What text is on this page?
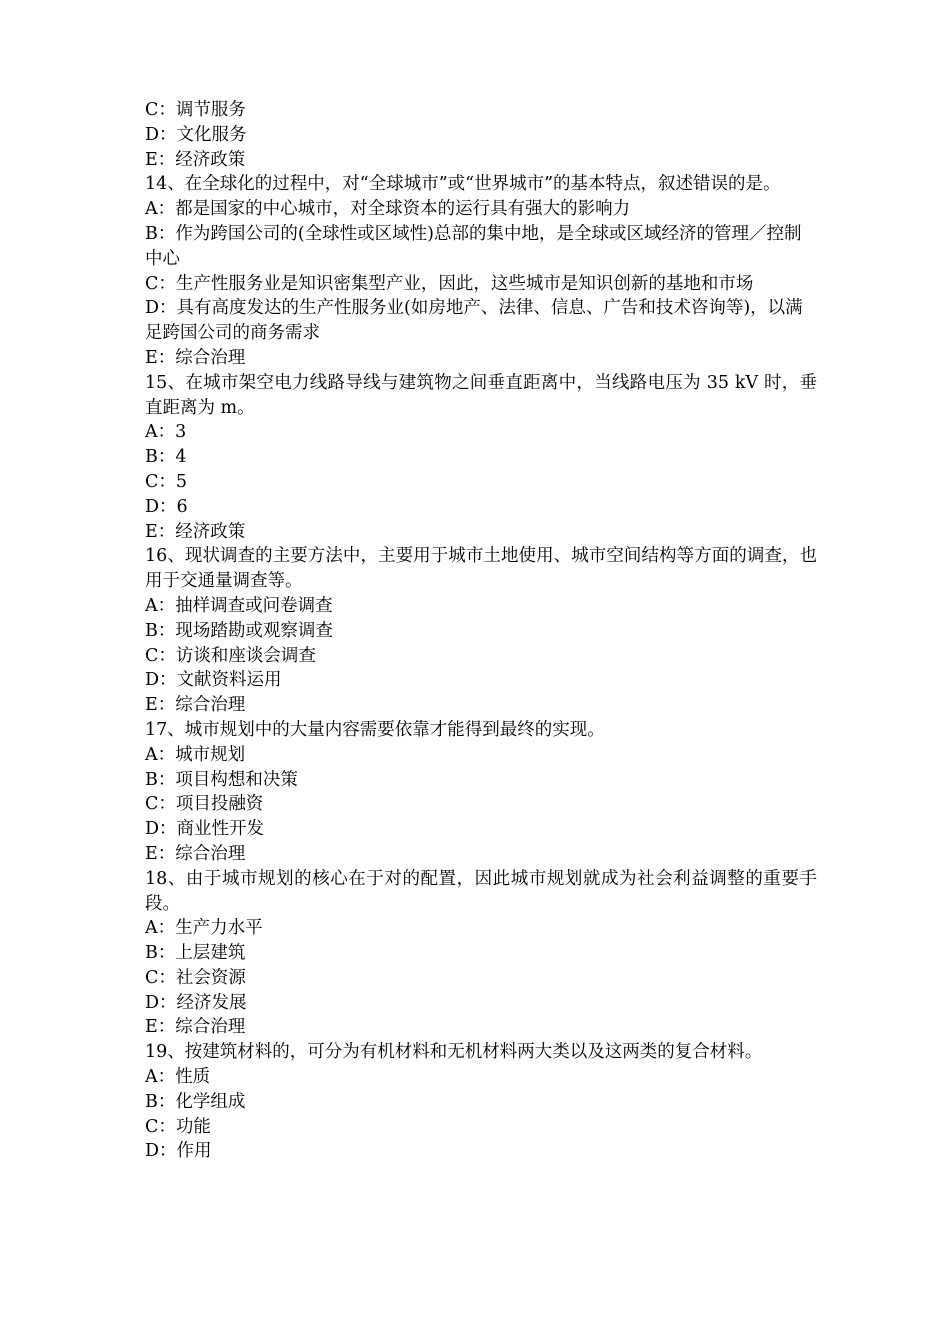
C：调节服务

D：文化服务

E：经济政策

14、在全球化的过程中，对“全球城市”或“世界城市”的基本特点，叙述错误的是。

A：都是国家的中心城市，对全球资本的运行具有强大的影响力

B：作为跨国公司的(全球性或区域性)总部的集中地，是全球或区域经济的管理／控制中心

C：生产性服务业是知识密集型产业，因此，这些城市是知识创新的基地和市场

D：具有高度发达的生产性服务业(如房地产、法律、信息、广告和技术咨询等)，以满足跨国公司的商务需求

E：综合治理

15、在城市架空电力线路导线与建筑物之间垂直距离中，当线路电压为 35 kV 时，垂直距离为 m。

A：3

B：4

C：5

D：6

E：经济政策

16、现状调查的主要方法中，主要用于城市土地使用、城市空间结构等方面的调查，也用于交通量调查等。

A：抽样调查或问卷调查

B：现场踏勘或观察调查

C：访谈和座谈会调查

D：文献资料运用

E：综合治理

17、城市规划中的大量内容需要依靠才能得到最终的实现。

A：城市规划

B：项目构想和决策

C：项目投融资

D：商业性开发

E：综合治理

18、由于城市规划的核心在于对的配置，因此城市规划就成为社会利益调整的重要手段。

A：生产力水平

B：上层建筑

C：社会资源

D：经济发展

E：综合治理

19、按建筑材料的，可分为有机材料和无机材料两大类以及这两类的复合材料。

A：性质

B：化学组成

C：功能

D：作用
